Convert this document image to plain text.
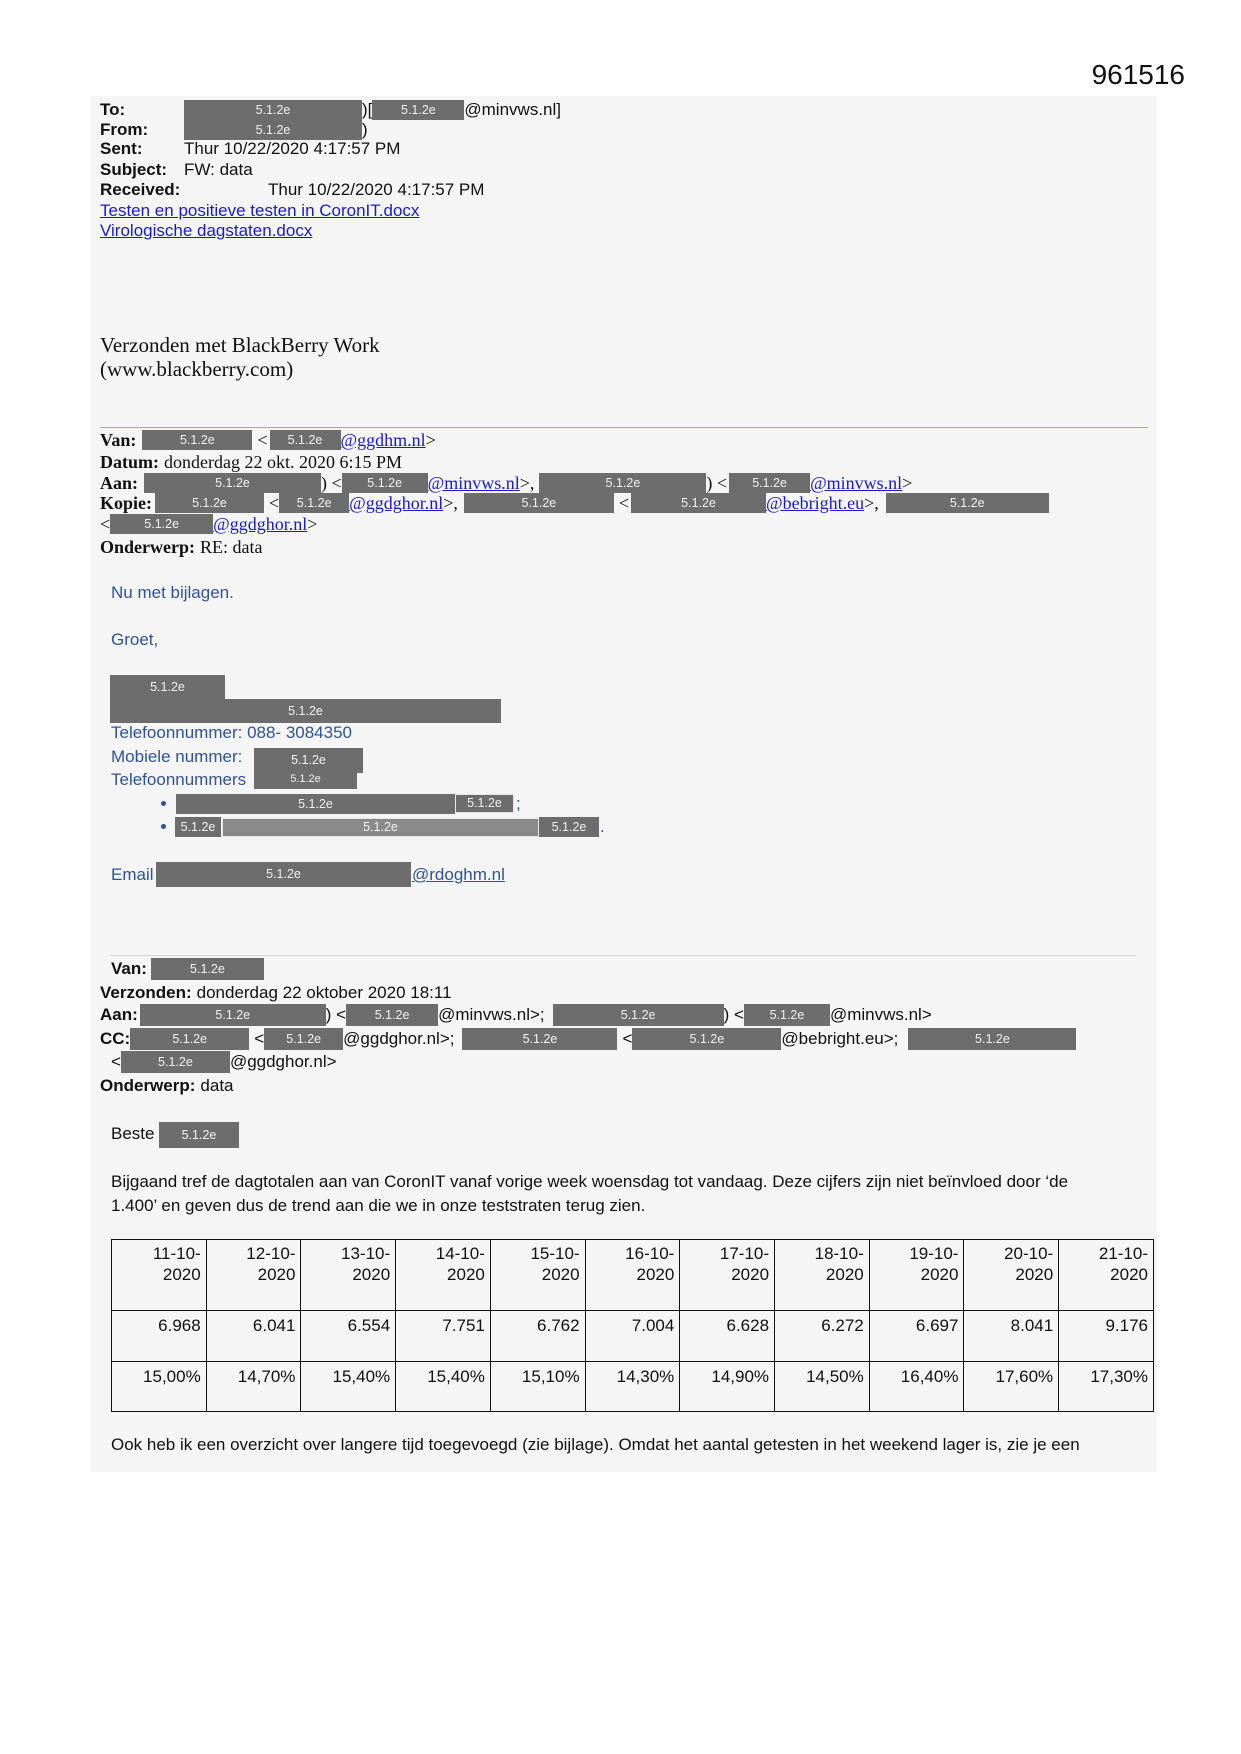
961516
To:	5.1.2e	)[ 5.1.2e @minvws.nl]
From:	5.1.2e	)
Sent: Thur 10/22/2020 4:17:57 PM
Subject: FW: data
Received:	Thur 10/22/2020 4:17:57 PM
Testen en positieve testen in CoronIT.docx
Virologische dagstaten.docx
Verzonden met BlackBerry Work
(www.blackberry.com)
Van:	5.1.2e < 5.1.2e @ggdhm.nl>
Datum: donderdag 22 okt. 2020 6:15 PM
Aan:	5.1.2e	) < 5.1.2e @minvws.nl>,	5.1.2e	) < 5.1.2e @minvws.nl>
Kopie:	5.1.2e < 5.1.2e @ggdghor.nl>,	5.1.2e	<	5.1.2e	@bebright.eu>,	5.1.2e
<	5.1.2e @ggdghor.nl>
Onderwerp: RE: data
Nu met bijlagen.
Groet,
5.1.2e
5.1.2e
Telefoonnummer: 088- 3084350
Mobiele nummer:	5.1.2e
Telefoonnummers	5.1.2e
5.1.2e	5.1.2e ;
5.1.2e	5.1.2e	5.1.2e .
Email	5.1.2e	@rdoghm.nl
Van:	5.1.2e
Verzonden: donderdag 22 oktober 2020 18:11
Aan:	5.1.2e	) < 5.1.2e @minvws.nl>;	5.1.2e	) < 5.1.2e @minvws.nl>
CC:	5.1.2e	< 5.1.2e @ggdghor.nl>;	5.1.2e	<	5.1.2e	@bebright.eu>;	5.1.2e
<	5.1.2e @ggdghor.nl>
Onderwerp: data
Beste	5.1.2e
Bijgaand tref de dagtotalen aan van CoronIT vanaf vorige week woensdag tot vandaag. Deze cijfers zijn niet beïnvloed door ‘de 1.400’ en geven dus de trend aan die we in onze teststraten terug zien.
11-10-​2020	12-10-​2020	13-10-​2020	14-10-​2020	15-10-​2020	16-10-​2020	17-10-​2020	18-10-​2020	19-10-​2020	20-10-​2020	21-10-​2020
6.968	6.041	6.554	7.751	6.762	7.004	6.628	6.272	6.697	8.041	9.176
15,00%	14,70%	15,40%	15,40%	15,10%	14,30%	14,90%	14,50%	16,40%	17,60%	17,30%
Ook heb ik een overzicht over langere tijd toegevoegd (zie bijlage). Omdat het aantal getesten in het weekend lager is, zie je een
